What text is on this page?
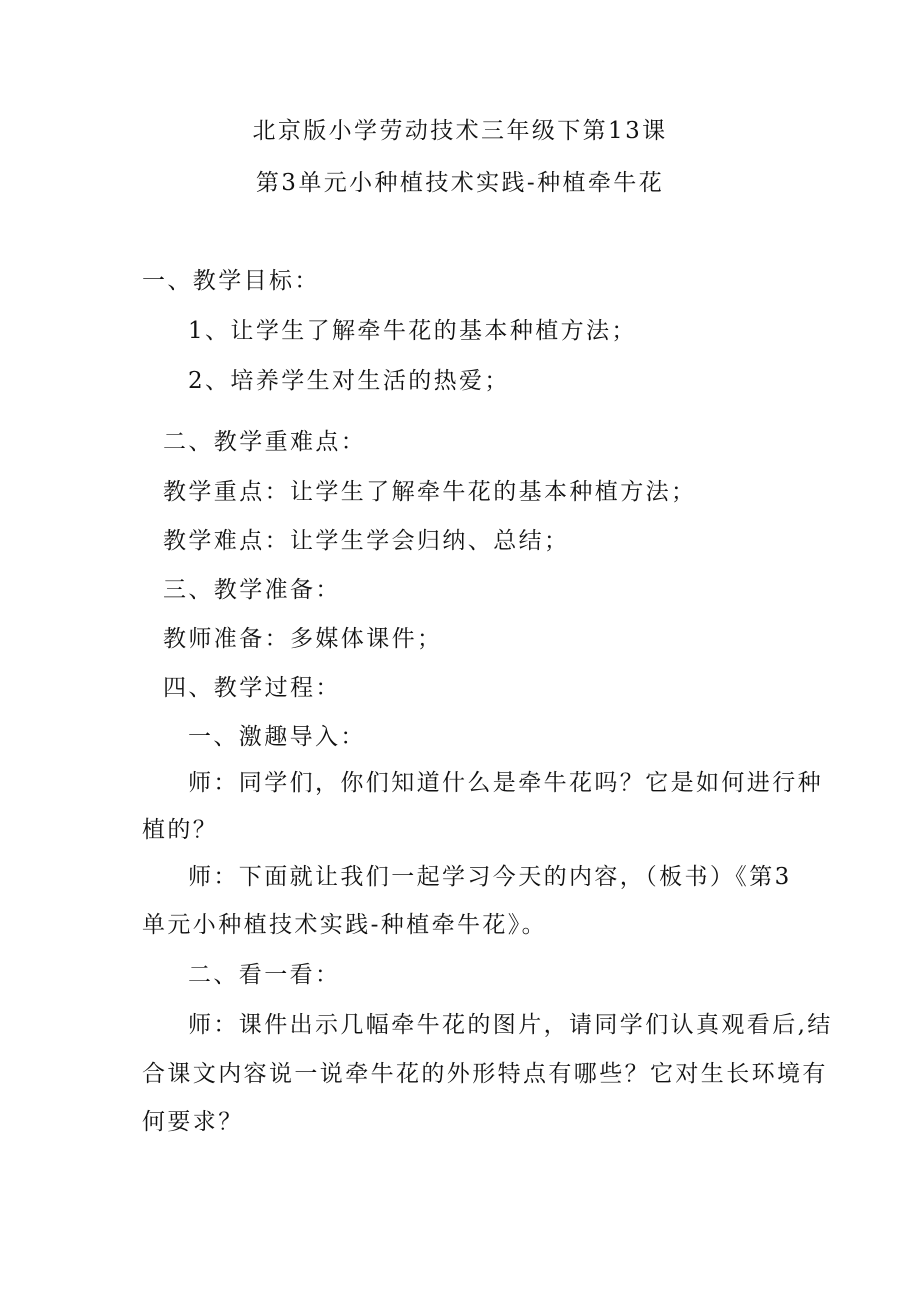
北京版小学劳动技术三年级下第13课
第3单元小种植技术实践-种植牵牛花
一、教学目标：
1、让学生了解牵牛花的基本种植方法；
2、培养学生对生活的热爱；
二、教学重难点：
教学重点：让学生了解牵牛花的基本种植方法；
教学难点：让学生学会归纳、总结；
三、教学准备：
教师准备：多媒体课件；
四、教学过程：
一、激趣导入：
师：同学们，你们知道什么是牵牛花吗？它是如何进行种
植的？
师：下面就让我们一起学习今天的内容，（板书）《第3
单元小种植技术实践-种植牵牛花》。
二、看一看：
师：课件出示几幅牵牛花的图片，请同学们认真观看后,结
合课文内容说一说牵牛花的外形特点有哪些？它对生长环境有
何要求？
